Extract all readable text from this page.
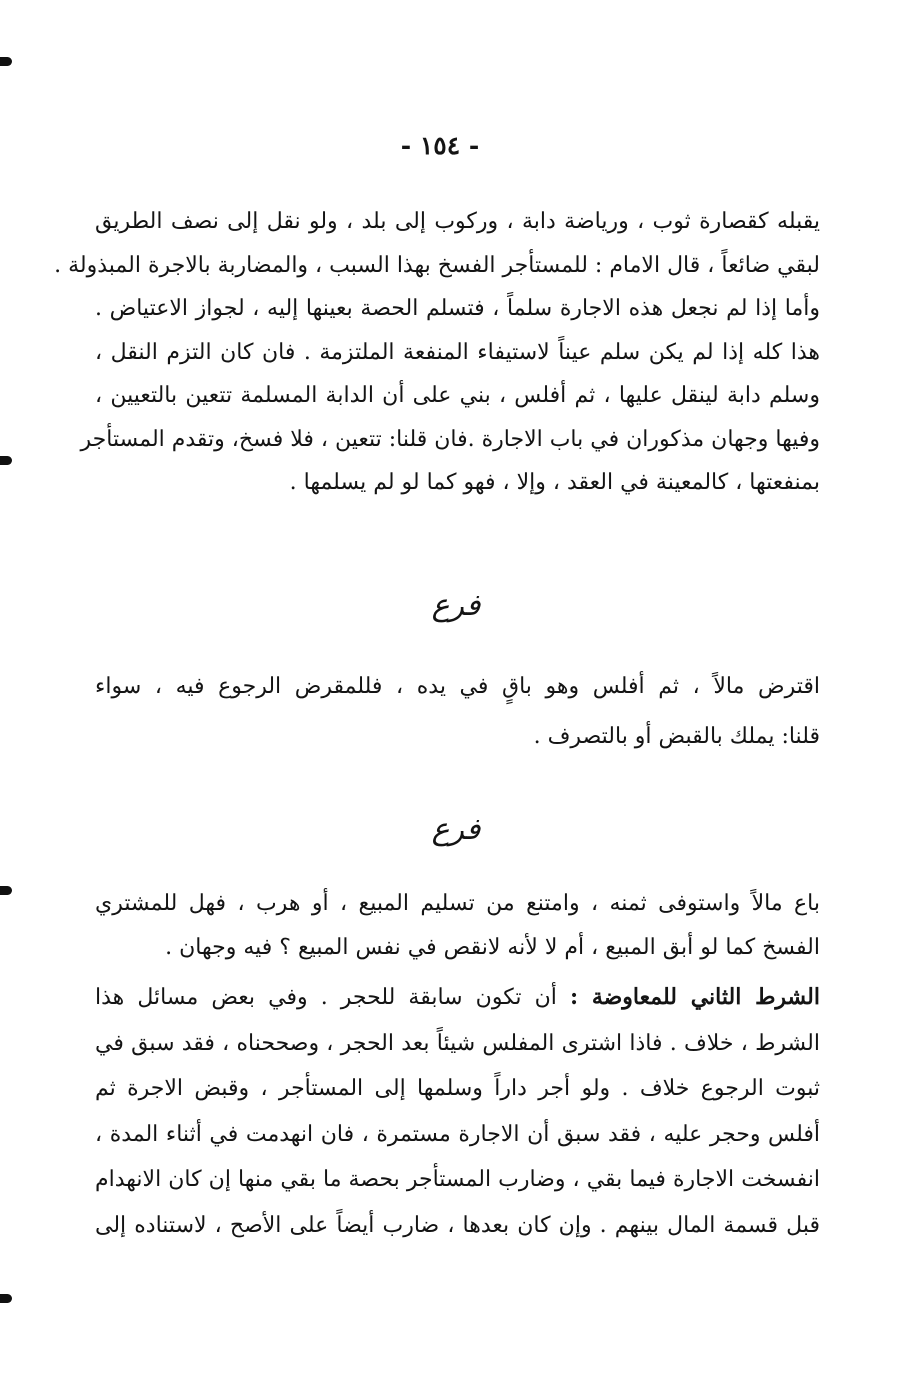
- ١٥٤ -
يقبله كقصارة ثوب ، ورياضة دابة ، وركوب إلى بلد ، ولو نقل إلى نصف الطريق
لبقي ضائعاً ، قال الامام : للمستأجر الفسخ بهذا السبب ، والمضاربة بالاجرة المبذولة .
وأما إذا لم نجعل هذه الاجارة سلماً ، فتسلم الحصة بعينها إليه ، لجواز الاعتياض .
هذا كله إذا لم يكن سلم عيناً لاستيفاء المنفعة الملتزمة . فان كان التزم النقل ،
وسلم دابة لينقل عليها ، ثم أفلس ، بني على أن الدابة المسلمة تتعين بالتعيين ،
وفيها وجهان مذكوران في باب الاجارة .فان قلنا: تتعين ، فلا فسخ، وتقدم المستأجر
بمنفعتها ، كالمعينة في العقد ، وإلا ، فهو كما لو لم يسلمها .
فرع
اقترض مالاً ، ثم أفلس وهو باقٍ في يده ، فللمقرض الرجوع فيه ، سواء
قلنا: يملك بالقبض أو بالتصرف .
فرع
باع مالاً واستوفى ثمنه ، وامتنع من تسليم المبيع ، أو هرب ، فهل للمشتري
الفسخ كما لو أبق المبيع ، أم لا لأنه لانقص في نفس المبيع ؟ فيه وجهان .
الشرط الثاني للمعاوضة : أن تكون سابقة للحجر . وفي بعض مسائل هذا
الشرط ، خلاف . فاذا اشترى المفلس شيئاً بعد الحجر ، وصححناه ، فقد سبق في
ثبوت الرجوع خلاف . ولو أجر داراً وسلمها إلى المستأجر ، وقبض الاجرة ثم
أفلس وحجر عليه ، فقد سبق أن الاجارة مستمرة ، فان انهدمت في أثناء المدة ،
انفسخت الاجارة فيما بقي ، وضارب المستأجر بحصة ما بقي منها إن كان الانهدام
قبل قسمة المال بينهم . وإن كان بعدها ، ضارب أيضاً على الأصح ، لاستناده إلى
